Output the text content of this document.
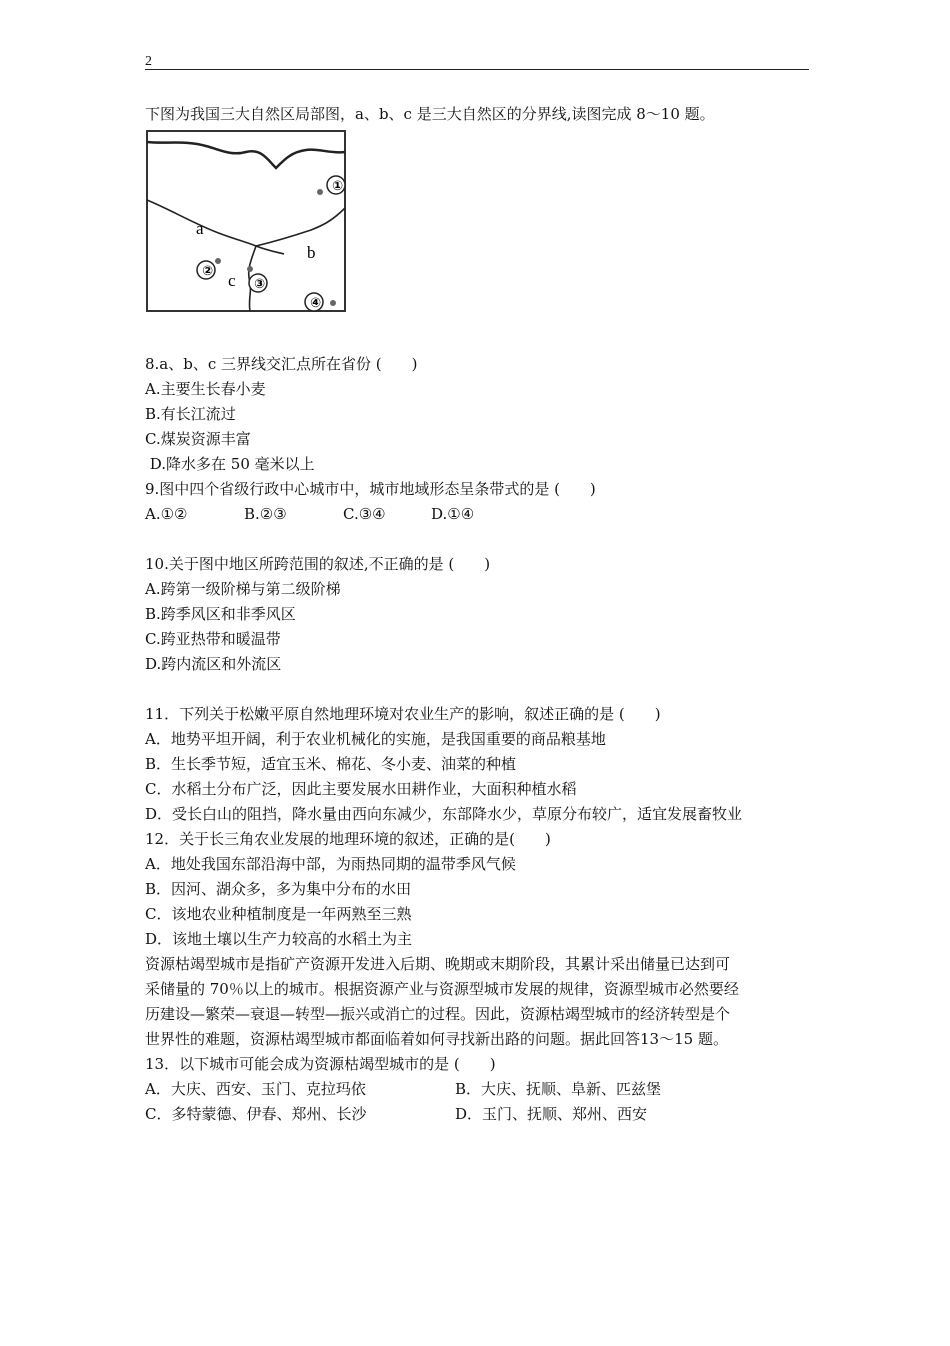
2
下图为我国三大自然区局部图，a、b、c 是三大自然区的分界线,读图完成 8～10 题。
①
②
③
④
a
b
c
8.a、b、c 三界线交汇点所在省份 (　　)
A.主要生长春小麦
B.有长江流过
C.煤炭资源丰富
D.降水多在 50 毫米以上
9.图中四个省级行政中心城市中，城市地域形态呈条带式的是 (　　)
A.①②	B.②③	C.③④	D.①④
10.关于图中地区所跨范围的叙述,不正确的是 (　　)
A.跨第一级阶梯与第二级阶梯
B.跨季风区和非季风区
C.跨亚热带和暖温带
D.跨内流区和外流区
11．下列关于松嫩平原自然地理环境对农业生产的影响，叙述正确的是 (　　)
A．地势平坦开阔，利于农业机械化的实施，是我国重要的商品粮基地
B．生长季节短，适宜玉米、棉花、冬小麦、油菜的种植
C．水稻土分布广泛，因此主要发展水田耕作业，大面积种植水稻
D．受长白山的阻挡，降水量由西向东减少，东部降水少，草原分布较广，适宜发展畜牧业
12．关于长三角农业发展的地理环境的叙述，正确的是(　　)
A．地处我国东部沿海中部，为雨热同期的温带季风气候
B．因河、湖众多，多为集中分布的水田
C．该地农业种植制度是一年两熟至三熟
D．该地土壤以生产力较高的水稻土为主
资源枯竭型城市是指矿产资源开发进入后期、晚期或末期阶段，其累计采出储量已达到可
采储量的 70％以上的城市。根据资源产业与资源型城市发展的规律，资源型城市必然要经
历建设—繁荣—衰退—转型—振兴或消亡的过程。因此，资源枯竭型城市的经济转型是个
世界性的难题，资源枯竭型城市都面临着如何寻找新出路的问题。据此回答13～15 题。
13．以下城市可能会成为资源枯竭型城市的是 (　　)
A．大庆、西安、玉门、克拉玛依	B．大庆、抚顺、阜新、匹兹堡
C．多特蒙德、伊春、郑州、长沙	D．玉门、抚顺、郑州、西安
